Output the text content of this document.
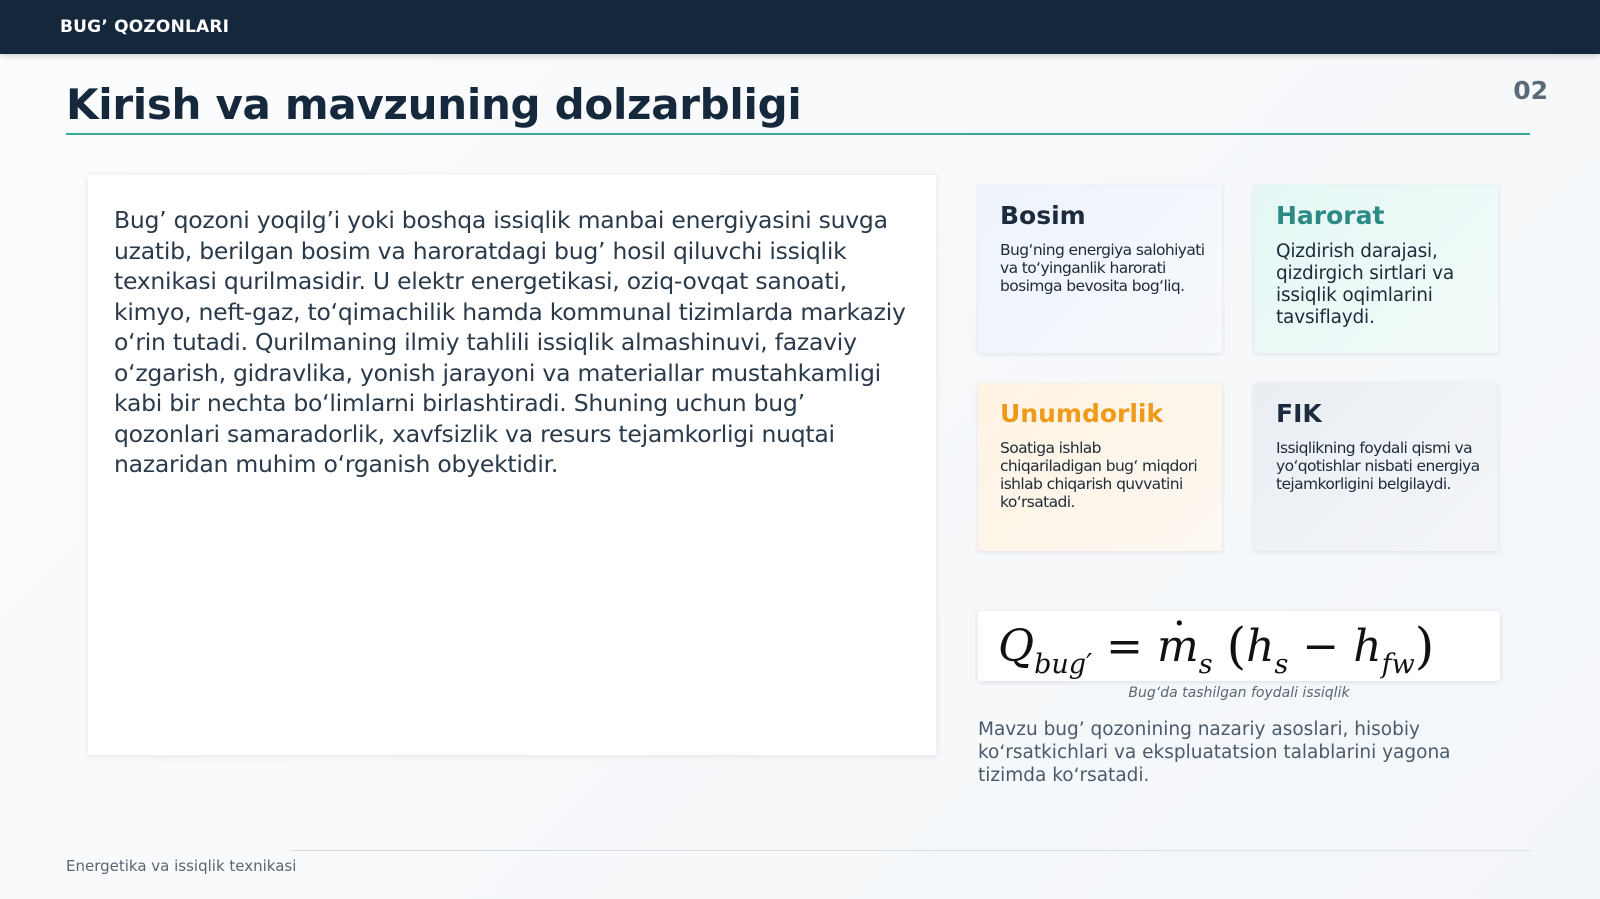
BUG’ QOZONLARI
Kirish va mavzuning dolzarbligi	02

Bug’ qozoni yoqilg’i yoki boshqa issiqlik manbai energiyasini suvga uzatib, berilgan bosim va haroratdagi bug’ hosil qiluvchi issiqlik texnikasi qurilmasidir. U elektr energetikasi, oziq-ovqat sanoati, kimyo, neft-gaz, to‘qimachilik hamda kommunal tizimlarda markaziy o‘rin tutadi. Qurilmaning ilmiy tahlili issiqlik almashinuvi, fazaviy o‘zgarish, gidravlika, yonish jarayoni va materiallar mustahkamligi kabi bir nechta bo‘limlarni birlashtiradi. Shuning uchun bug’ qozonlari samaradorlik, xavfsizlik va resurs tejamkorligi nuqtai nazaridan muhim o‘rganish obyektidir.

Bosim
Bug‘ning energiya salohiyati va to‘yinganlik harorati bosimga bevosita bog‘liq.
Harorat
Qizdirish darajasi, qizdirgich sirtlari va issiqlik oqimlarini tavsiflaydi.
Unumdorlik
Soatiga ishlab chiqariladigan bug‘ miqdori ishlab chiqarish quvvatini ko‘rsatadi.
FIK
Issiqlikning foydali qismi va yo‘qotishlar nisbati energiya tejamkorligini belgilaydi.
$Q_{bug'} =\cdot m_s$ $(h_s - h_{fw})$
Bug‘da tashilgan foydali issiqlik

Mavzu bug’ qozonining nazariy asoslari, hisobiy ko‘rsatkichlari va ekspluatatsion talablarini yagona tizimda ko‘rsatadi.

Energetika va issiqlik texnikasi
